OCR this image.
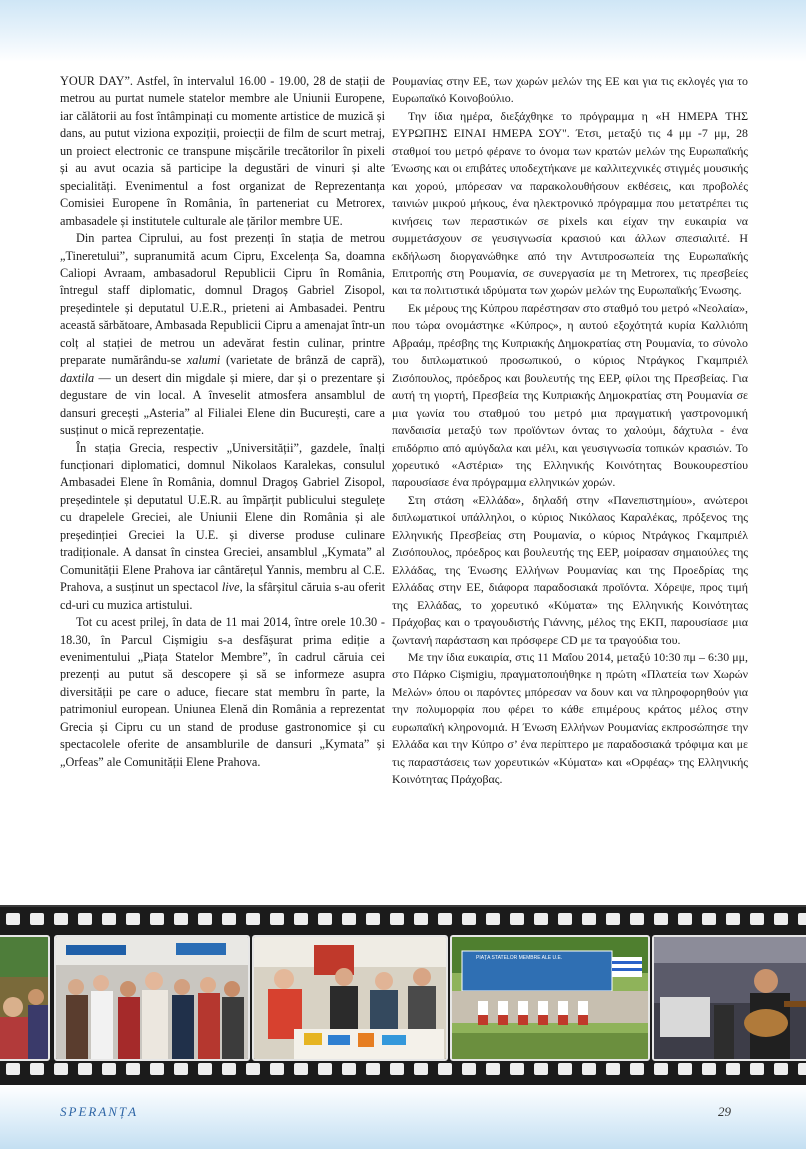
YOUR DAY”. Astfel, în intervalul 16.00 - 19.00, 28 de stații de metrou au purtat numele statelor membre ale Uniunii Europene, iar călătorii au fost întâmpinați cu momente artistice de muzică și dans, au putut viziona expoziții, proiecții de film de scurt metraj, un proiect electronic ce transpune mișcările trecătorilor în pixeli și au avut ocazia să participe la degustări de vinuri și alte specialități. Evenimentul a fost organizat de Reprezentanța Comisiei Europene în România, în parteneriat cu Metrorex, ambasadele și institutele culturale ale țărilor membre UE.

Din partea Ciprului, au fost prezenți în stația de metrou „Tineretului”, supranumită acum Cipru, Excelența Sa, doamna Caliopi Avraam, ambasadorul Republicii Cipru în România, întregul staff diplomatic, domnul Dragoș Gabriel Zisopol, președintele și deputatul U.E.R., prieteni ai Ambasadei. Pentru această sărbătoare, Ambasada Republicii Cipru a amenajat într-un colț al stației de metrou un adevărat festin culinar, printre preparate numărându-se xalumi (varietate de brânză de capră), daxtila — un desert din migdale și miere, dar și o prezentare și degustare de vin local. A înveselit atmosfera ansamblul de dansuri grecești „Asteria” al Filialei Elene din București, care a susținut o mică reprezentație.

În stația Grecia, respectiv „Universității”, gazdele, înalți funcționari diplomatici, domnul Nikolaos Karalekas, consulul Ambasadei Elene în România, domnul Dragoș Gabriel Zisopol, președintele și deputatul U.E.R. au împărțit publicului stegulețe cu drapelele Greciei, ale Uniunii Elene din România și ale președinției Greciei la U.E. și diverse produse culinare tradiționale. A dansat în cinstea Greciei, ansamblul „Kymata” al Comunității Elene Prahova iar cântărețul Yannis, membru al C.E. Prahova, a susținut un spectacol live, la sfârșitul căruia s-au oferit cd-uri cu muzica artistului.

Tot cu acest prilej, în data de 11 mai 2014, între orele 10.30 - 18.30, în Parcul Cișmigiu s-a desfășurat prima ediție a evenimentului „Piața Statelor Membre”, în cadrul căruia cei prezenți au putut să descopere și să se informeze asupra diversității pe care o aduce, fiecare stat membru în parte, la patrimoniul european. Uniunea Elenă din România a reprezentat Grecia și Cipru cu un stand de produse gastronomice și cu spectacolele oferite de ansamblurile de dansuri „Kymata” și „Orfeas” ale Comunității Elene Prahova.

Ρουμανίας στην ΕΕ, των χωρών μελών της ΕΕ και για τις εκλογές για το Ευρωπαϊκό Κοινοβούλιο.

Την ίδια ημέρα, διεξάχθηκε το πρόγραμμα η «Η ΗΜΕΡΑ ΤΗΣ ΕΥΡΩΠΗΣ ΕΙΝΑΙ ΗΜΕΡΑ ΣΟΥ". Έτσι, μεταξύ τις 4 μμ -7 μμ, 28 σταθμοί του μετρό φέρανε το όνομα των κρατών μελών της Ευρωπαϊκής Ένωσης και οι επιβάτες υποδεχτήκανε με καλλιτεχνικές στιγμές μουσικής και χορού, μπόρεσαν να παρακολουθήσουν εκθέσεις, και προβολές ταινιών μικρού μήκους, ένα ηλεκτρονικό πρόγραμμα που μετατρέπει τις κινήσεις των περαστικών σε pixels και είχαν την ευκαιρία να συμμετάσχουν σε γευσιγνωσία κρασιού και άλλων σπεσιαλιτέ. Η εκδήλωση διοργανώθηκε από την Αντιπροσωπεία της Ευρωπαϊκής Επιτροπής στη Ρουμανία, σε συνεργασία με τη Metrorex, τις πρεσβείες και τα πολιτιστικά ιδρύματα των χωρών μελών της Ευρωπαϊκής Ένωσης.

Εκ μέρους της Κύπρου παρέστησαν στο σταθμό του μετρό «Νεολαία», που τώρα ονομάστηκε «Κύπρος», η αυτού εξοχότητά κυρία Καλλιόπη Αβραάμ, πρέσβης της Κυπριακής Δημοκρατίας στη Ρουμανία, το σύνολο του διπλωματικού προσωπικού, ο κύριος Ντράγκος Γκαμπριέλ Ζισόπουλος, πρόεδρος και βουλευτής της ΕΕΡ, φίλοι της Πρεσβείας. Για αυτή τη γιορτή, Πρεσβεία της Κυπριακής Δημοκρατίας στη Ρουμανία σε μια γωνία του σταθμού του μετρό μια πραγματική γαστρονομική πανδαισία μεταξύ των προϊόντων όντας το χαλούμι, δάχτυλα - ένα επιδόρπιο από αμύγδαλα και μέλι, και γευσιγνωσία τοπικών κρασιών. Το χορευτικό «Αστέρια» της Ελληνικής Κοινότητας Βουκουρεστίου παρουσίασε ένα πρόγραμμα ελληνικών χορών.

Στη στάση «Ελλάδα», δηλαδή στην «Πανεπιστημίου», ανώτεροι διπλωματικοί υπάλληλοι, ο κύριος Νικόλαος Καραλέκας, πρόξενος της Ελληνικής Πρεσβείας στη Ρουμανία, ο κύριος Ντράγκος Γκαμπριέλ Ζισόπουλος, πρόεδρος και βουλευτής της ΕΕΡ, μοίρασαν σημαιούλες της Ελλάδας, της Ένωσης Ελλήνων Ρουμανίας και της Προεδρίας της Ελλάδας στην ΕΕ, διάφορα παραδοσιακά προϊόντα. Χόρεψε, προς τιμή της Ελλάδας, το χορευτικό «Κύματα» της Ελληνικής Κοινότητας Πράχοβας και ο τραγουδιστής Γιάννης, μέλος της ΕΚΠ, παρουσίασε μια ζωντανή παράσταση και πρόσφερε CD με τα τραγούδια του.

Με την ίδια ευκαιρία, στις 11 Μαΐου 2014, μεταξύ 10:30 πμ – 6:30 μμ, στο Πάρκο Cişmigiu, πραγματοποιήθηκε η πρώτη «Πλατεία των Χωρών Μελών» όπου οι παρόντες μπόρεσαν να δουν και να πληροφορηθούν για την πολυμορφία που φέρει το κάθε επιμέρους κράτος μέλος στην ευρωπαϊκή κληρονομιά. Η Ένωση Ελλήνων Ρουμανίας εκπροσώπησε την Ελλάδα και την Κύπρο σ’ ένα περίπτερο με παραδοσιακά τρόφιμα και με τις παραστάσεις των χορευτικών «Κύματα» και «Ορφέας» της Ελληνικής Κοινότητας Πράχοβας.

PIAȚA STATELOR MEMBRE ALE U.E.
SPERANȚA	29
